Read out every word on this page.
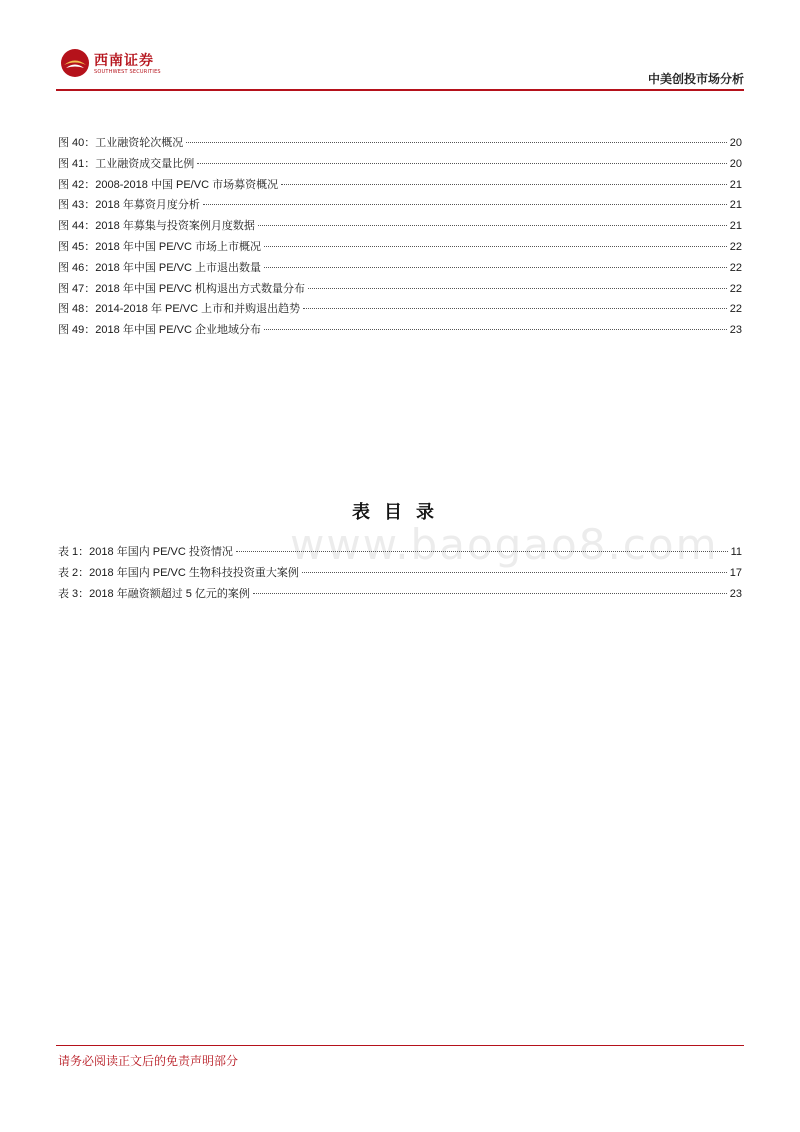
西南证券
SOUTHWEST SECURITIES	中美创投市场分析
图 40：工业融资轮次概况	20
图 41：工业融资成交量比例	20
图 42：2008-2018 中国 PE/VC 市场募资概况	21
图 43：2018 年募资月度分析	21
图 44：2018 年募集与投资案例月度数据	21
图 45：2018 年中国 PE/VC 市场上市概况	22
图 46：2018 年中国 PE/VC 上市退出数量	22
图 47：2018 年中国 PE/VC 机构退出方式数量分布	22
图 48：2014-2018 年 PE/VC 上市和并购退出趋势	22
图 49：2018 年中国 PE/VC 企业地域分布	23
表目录
www.baogao8.com
表 1：2018 年国内 PE/VC 投资情况	11
表 2：2018 年国内 PE/VC 生物科技投资重大案例	17
表 3：2018 年融资额超过 5 亿元的案例	23
请务必阅读正文后的免责声明部分
